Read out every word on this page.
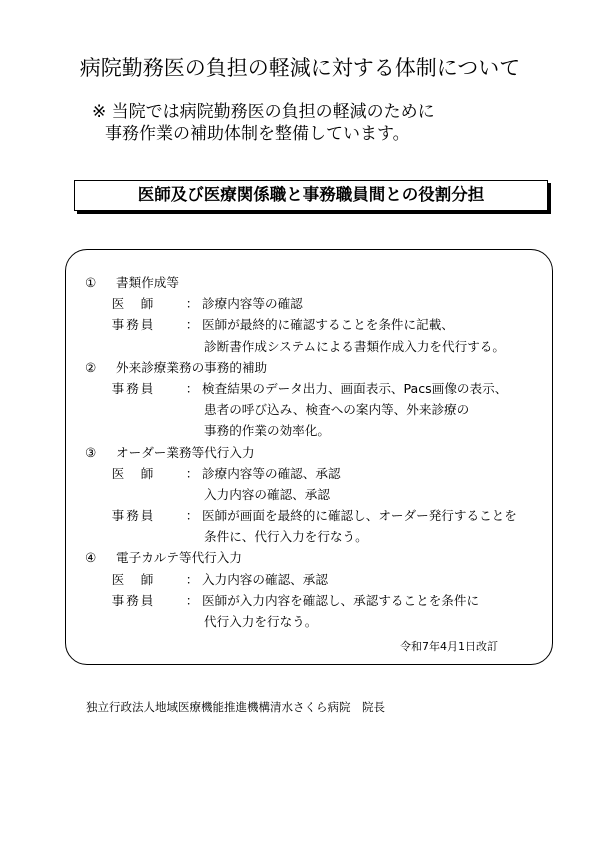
病院勤務医の負担の軽減に対する体制について
※ 当院では病院勤務医の負担の軽減のために
事務作業の補助体制を整備しています。
医師及び医療関係職と事務職員間との役割分担
①	書類作成等
医　師	： 診療内容等の確認
事務員	： 医師が最終的に確認することを条件に記載、
診断書作成システムによる書類作成入力を代行する。
②	外来診療業務の事務的補助
事務員	： 検査結果のデータ出力、画面表示、Pacs画像の表示、
患者の呼び込み、検査への案内等、外来診療の
事務的作業の効率化。
③	オーダー業務等代行入力
医　師	： 診療内容等の確認、承認
入力内容の確認、承認
事務員	： 医師が画面を最終的に確認し、オーダー発行することを
条件に、代行入力を行なう。
④	電子カルテ等代行入力
医　師	： 入力内容の確認、承認
事務員	： 医師が入力内容を確認し、承認することを条件に
代行入力を行なう。
令和7年4月1日改訂
独立行政法人地域医療機能推進機構清水さくら病院　院長
